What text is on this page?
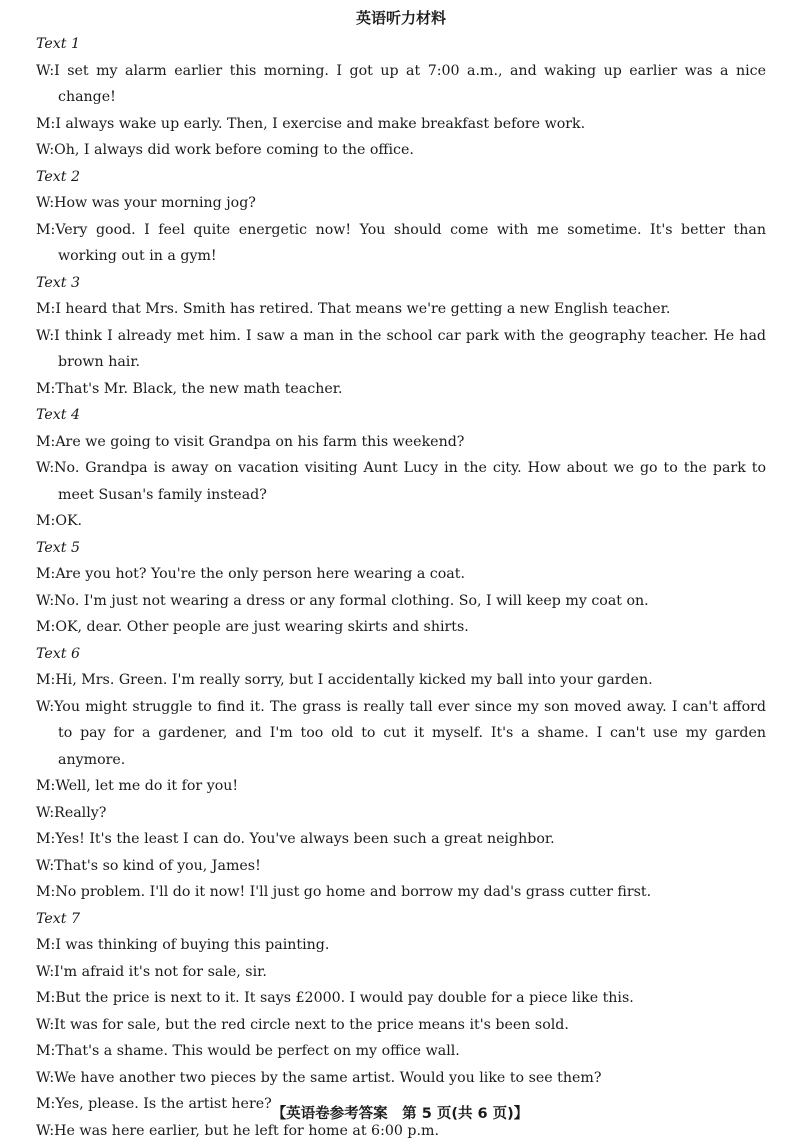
英语听力材料
Text 1
W:I set my alarm earlier this morning. I got up at 7:00 a.m., and waking up earlier was a nice change!
M:I always wake up early. Then, I exercise and make breakfast before work.
W:Oh, I always did work before coming to the office.
Text 2
W:How was your morning jog?
M:Very good. I feel quite energetic now! You should come with me sometime. It's better than working out in a gym!
Text 3
M:I heard that Mrs. Smith has retired. That means we're getting a new English teacher.
W:I think I already met him. I saw a man in the school car park with the geography teacher. He had brown hair.
M:That's Mr. Black, the new math teacher.
Text 4
M:Are we going to visit Grandpa on his farm this weekend?
W:No. Grandpa is away on vacation visiting Aunt Lucy in the city. How about we go to the park to meet Susan's family instead?
M:OK.
Text 5
M:Are you hot? You're the only person here wearing a coat.
W:No. I'm just not wearing a dress or any formal clothing. So, I will keep my coat on.
M:OK, dear. Other people are just wearing skirts and shirts.
Text 6
M:Hi, Mrs. Green. I'm really sorry, but I accidentally kicked my ball into your garden.
W:You might struggle to find it. The grass is really tall ever since my son moved away. I can't afford to pay for a gardener, and I'm too old to cut it myself. It's a shame. I can't use my garden anymore.
M:Well, let me do it for you!
W:Really?
M:Yes! It's the least I can do. You've always been such a great neighbor.
W:That's so kind of you, James!
M:No problem. I'll do it now! I'll just go home and borrow my dad's grass cutter first.
Text 7
M:I was thinking of buying this painting.
W:I'm afraid it's not for sale, sir.
M:But the price is next to it. It says £2000. I would pay double for a piece like this.
W:It was for sale, but the red circle next to the price means it's been sold.
M:That's a shame. This would be perfect on my office wall.
W:We have another two pieces by the same artist. Would you like to see them?
M:Yes, please. Is the artist here?
W:He was here earlier, but he left for home at 6:00 p.m.
【英语卷参考答案　第 5 页(共 6 页)】
